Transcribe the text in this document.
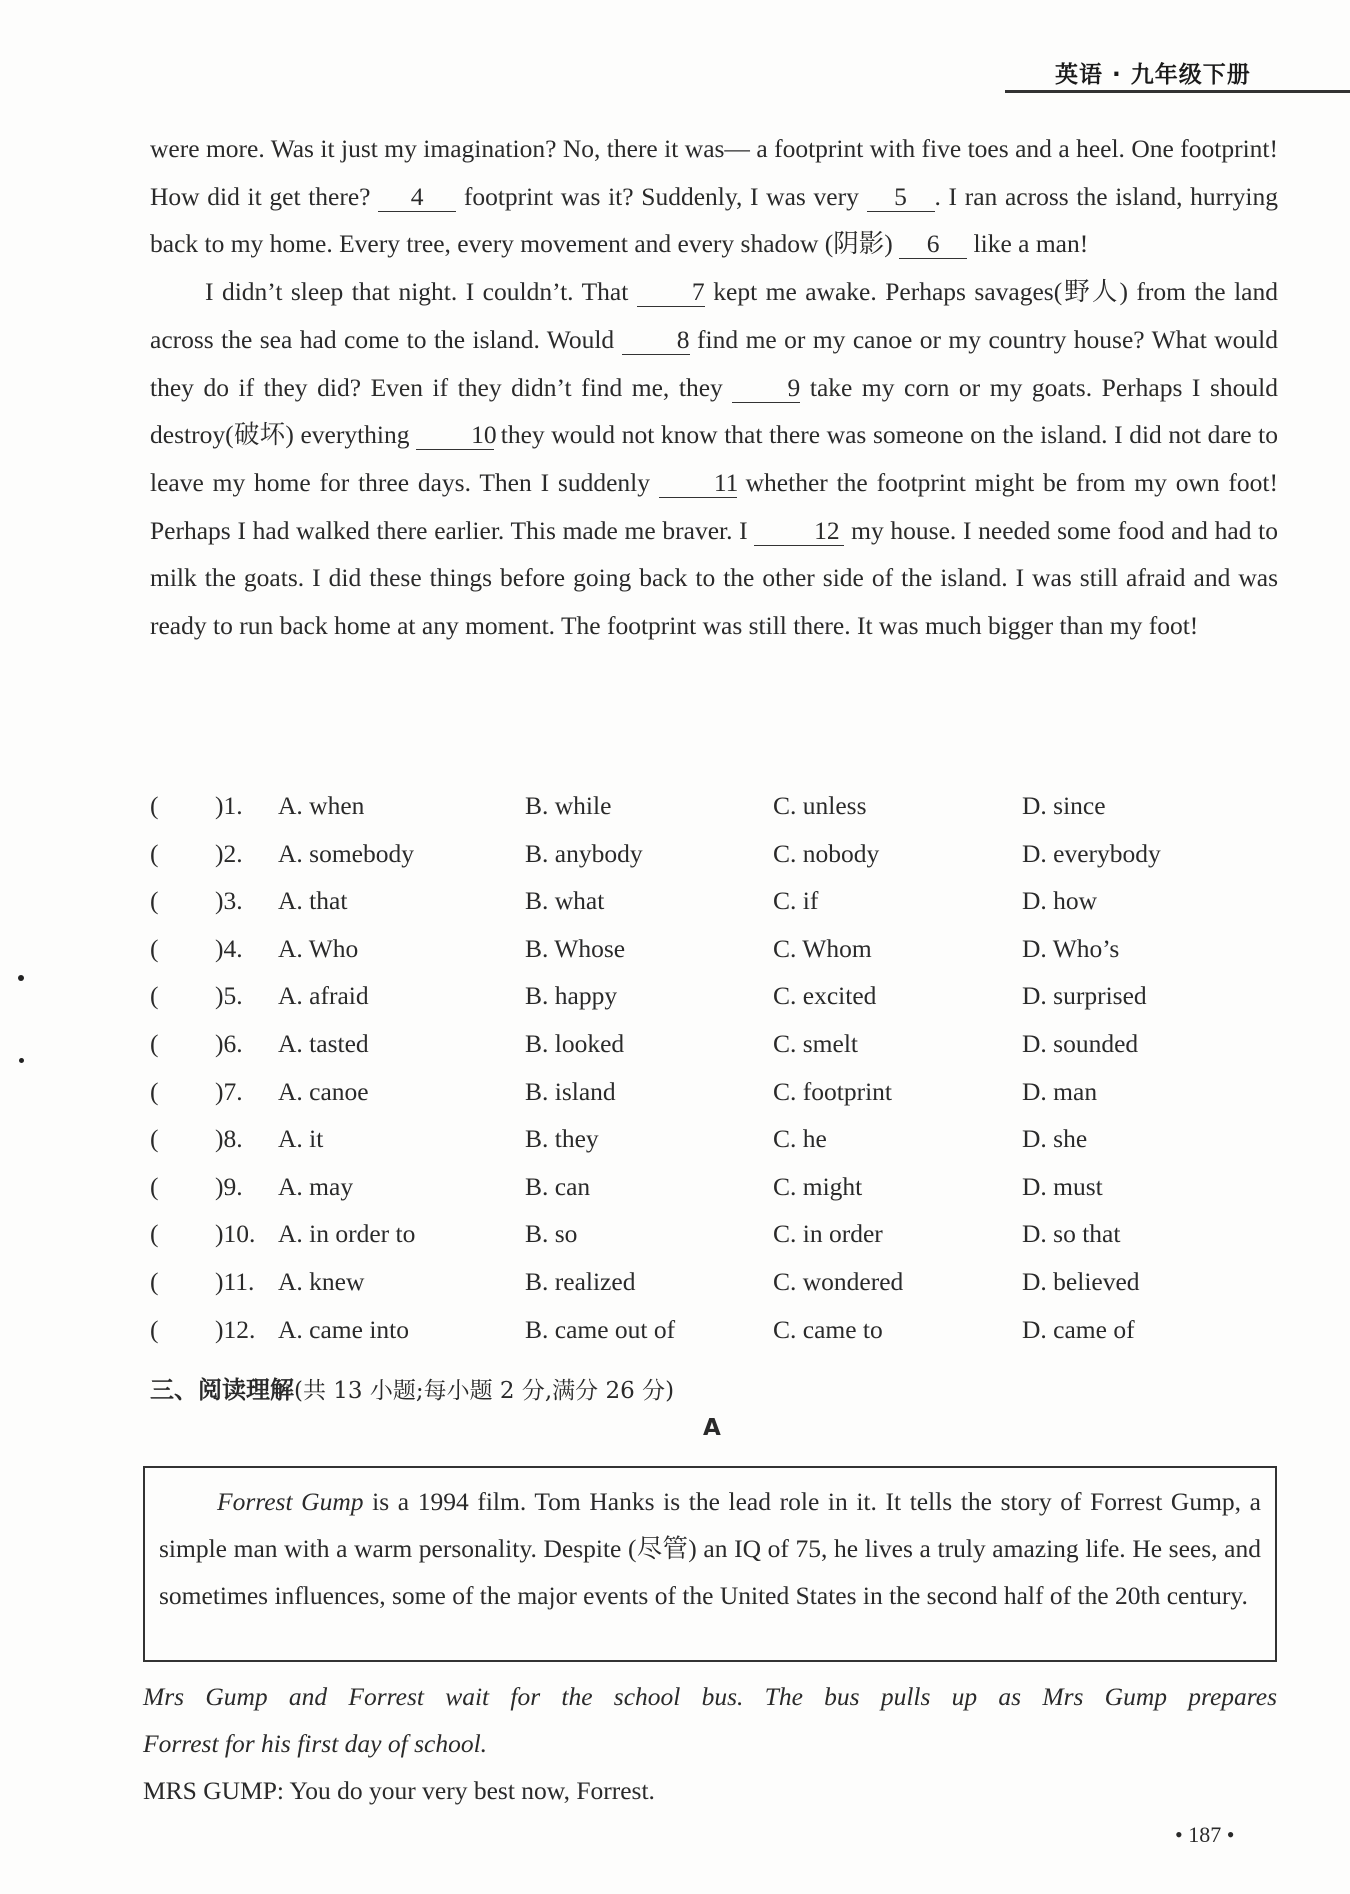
英语 · 九年级下册

were more. Was it just my imagination? No, there it was— a footprint with five toes and a heel. One footprint! How did it get there? 4 footprint was it? Suddenly, I was very 5 . I ran across the island, hurrying back to my home. Every tree, every movement and every shadow (阴影) 6 like a man!

I didn’t sleep that night. I couldn’t. That 7 kept me awake. Perhaps savages(野人) from the land across the sea had come to the island. Would 8 find me or my canoe or my country house? What would they do if they did? Even if they didn’t find me, they 9 take my corn or my goats. Perhaps I should destroy(破坏) everything 10 they would not know that there was someone on the island. I did not dare to leave my home for three days. Then I suddenly 11 whether the footprint might be from my own foot! Perhaps I had walked there earlier. This made me braver. I 12 my house. I needed some food and had to milk the goats. I did these things before going back to the other side of the island. I was still afraid and was ready to run back home at any moment. The footprint was still there. It was much bigger than my foot!

( )1. A. when	B. while	C. unless	D. since
( )2. A. somebody	B. anybody	C. nobody	D. everybody
( )3. A. that	B. what	C. if	D. how
( )4. A. Who	B. Whose	C. Whom	D. Who’s
( )5. A. afraid	B. happy	C. excited	D. surprised
( )6. A. tasted	B. looked	C. smelt	D. sounded
( )7. A. canoe	B. island	C. footprint	D. man
( )8. A. it	B. they	C. he	D. she
( )9. A. may	B. can	C. might	D. must
( )10. A. in order to	B. so	C. in order	D. so that
( )11. A. knew	B. realized	C. wondered	D. believed
( )12. A. came into	B. came out of	C. came to	D. came of
三、阅读理解(共 13 小题;每小题 2 分,满分 26 分)
A

Forrest Gump is a 1994 film. Tom Hanks is the lead role in it. It tells the story of Forrest Gump, a simple man with a warm personality. Despite (尽管) an IQ of 75, he lives a truly amazing life. He sees, and sometimes influences, some of the major events of the United States in the second half of the 20th century.

Mrs Gump and Forrest wait for the school bus. The bus pulls up as Mrs Gump prepares
Forrest for his first day of school.
MRS GUMP: You do your very best now, Forrest.
• 187 •
